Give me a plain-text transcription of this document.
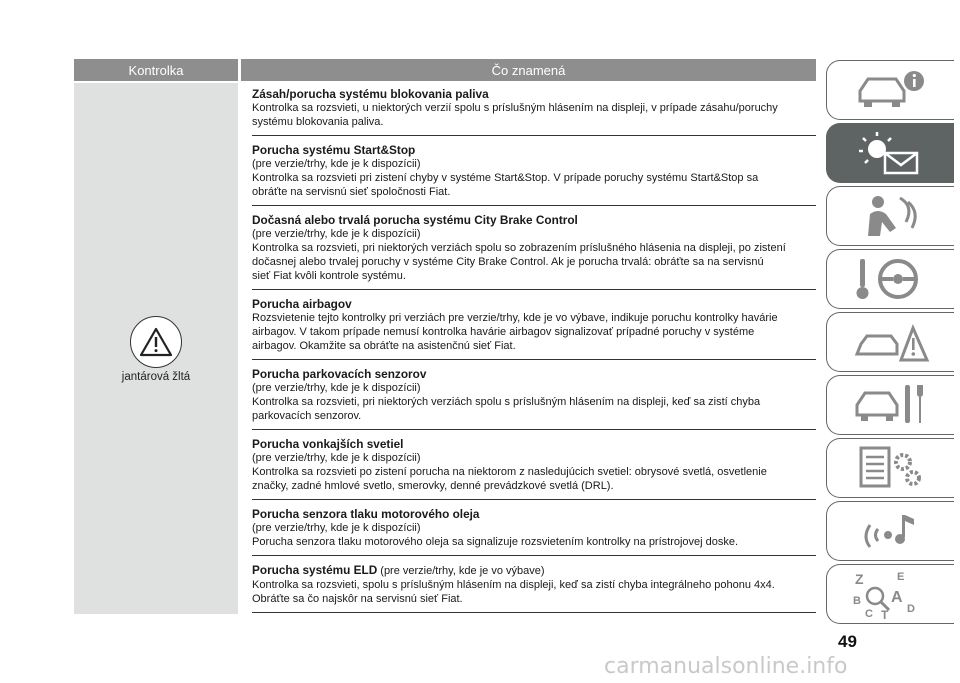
Kontrolka	Čo znamená
jantárová žltá
Zásah/porucha systému blokovania paliva
Kontrolka sa rozsvieti, u niektorých verzií spolu s príslušným hlásením na displeji, v prípade zásahu/poruchy
systému blokovania paliva.
Porucha systému Start&Stop
(pre verzie/trhy, kde je k dispozícii)
Kontrolka sa rozsvieti pri zistení chyby v systéme Start&Stop. V prípade poruchy systému Start&Stop sa
obráťte na servisnú sieť spoločnosti Fiat.
Dočasná alebo trvalá porucha systému City Brake Control
(pre verzie/trhy, kde je k dispozícii)
Kontrolka sa rozsvieti, pri niektorých verziách spolu so zobrazením príslušného hlásenia na displeji, po zistení
dočasnej alebo trvalej poruchy v systéme City Brake Control. Ak je porucha trvalá: obráťte sa na servisnú
sieť Fiat kvôli kontrole systému.
Porucha airbagov
Rozsvietenie tejto kontrolky pri verziách pre verzie/trhy, kde je vo výbave, indikuje poruchu kontrolky havárie
airbagov. V takom prípade nemusí kontrolka havárie airbagov signalizovať prípadné poruchy v systéme
airbagov. Okamžite sa obráťte na asistenčnú sieť Fiat.
Porucha parkovacích senzorov
(pre verzie/trhy, kde je k dispozícii)
Kontrolka sa rozsvieti, pri niektorých verziách spolu s príslušným hlásením na displeji, keď sa zistí chyba
parkovacích senzorov.
Porucha vonkajších svetiel
(pre verzie/trhy, kde je k dispozícii)
Kontrolka sa rozsvieti po zistení porucha na niektorom z nasledujúcich svetiel: obrysové svetlá, osvetlenie
značky, zadné hmlové svetlo, smerovky, denné prevádzkové svetlá (DRL).
Porucha senzora tlaku motorového oleja
(pre verzie/trhy, kde je k dispozícii)
Porucha senzora tlaku motorového oleja sa signalizuje rozsvietením kontrolky na prístrojovej doske.
Porucha systému ELD (pre verzie/trhy, kde je vo výbave)
Kontrolka sa rozsvieti, spolu s príslušným hlásením na displeji, keď sa zistí chyba integrálneho pohonu 4x4.
Obráťte sa čo najskôr na servisnú sieť Fiat.
Z	E
A
B
C	D
T
49
carmanualsonline.info
